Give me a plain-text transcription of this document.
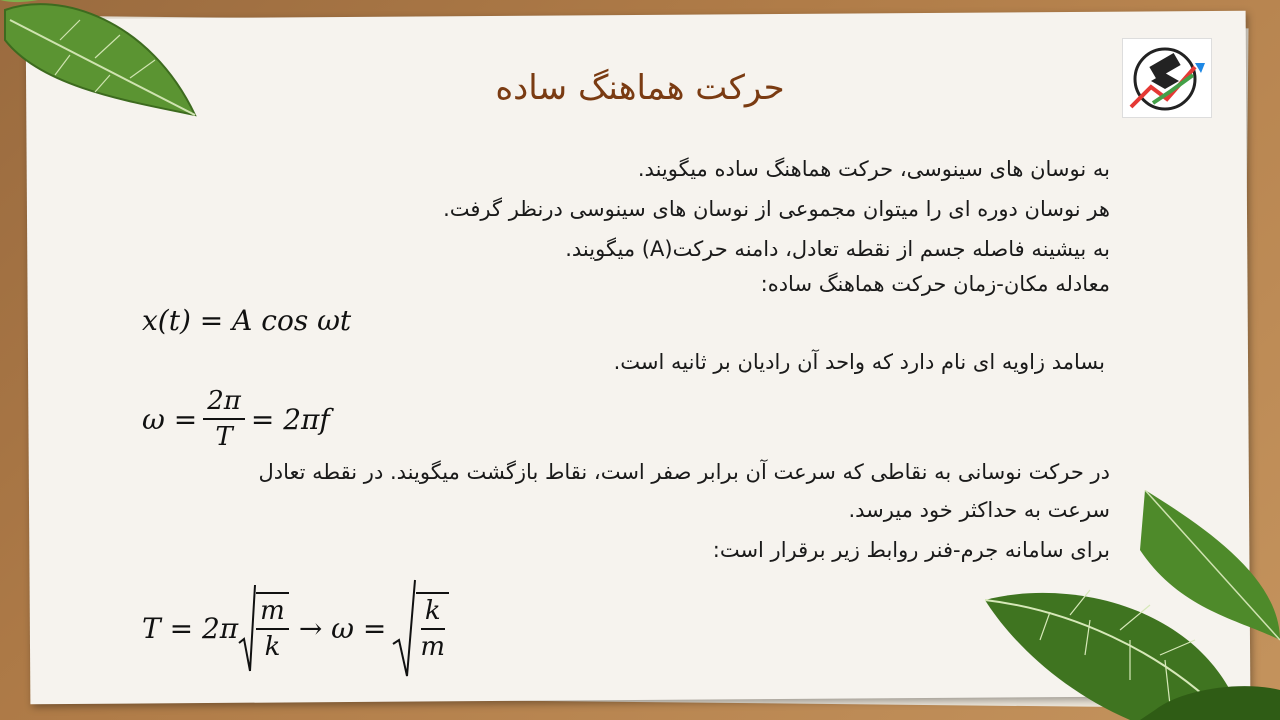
حرکت هماهنگ ساده
به نوسان های سینوسی، حرکت هماهنگ ساده میگویند.
هر نوسان دوره ای را میتوان مجموعی از نوسان های سینوسی درنظر گرفت.
به بیشینه فاصله جسم از نقطه تعادل، دامنه حرکت(A) میگویند.
معادله مکان-زمان حرکت هماهنگ ساده:
x(t) = A cos ωt
بسامد زاویه ای نام دارد که واحد آن رادیان بر ثانیه است.
$\omega = \frac{2\pi}{T} = 2\pi f$
در حرکت نوسانی به نقاطی که سرعت آن برابر صفر است، نقاط بازگشت میگویند. در نقطه تعادل
سرعت به حداکثر خود میرسد.
برای سامانه جرم-فنر روابط زیر برقرار است:
$T = 2\pi \frac{m}{k} \to \omega = \frac{k}{m}$
